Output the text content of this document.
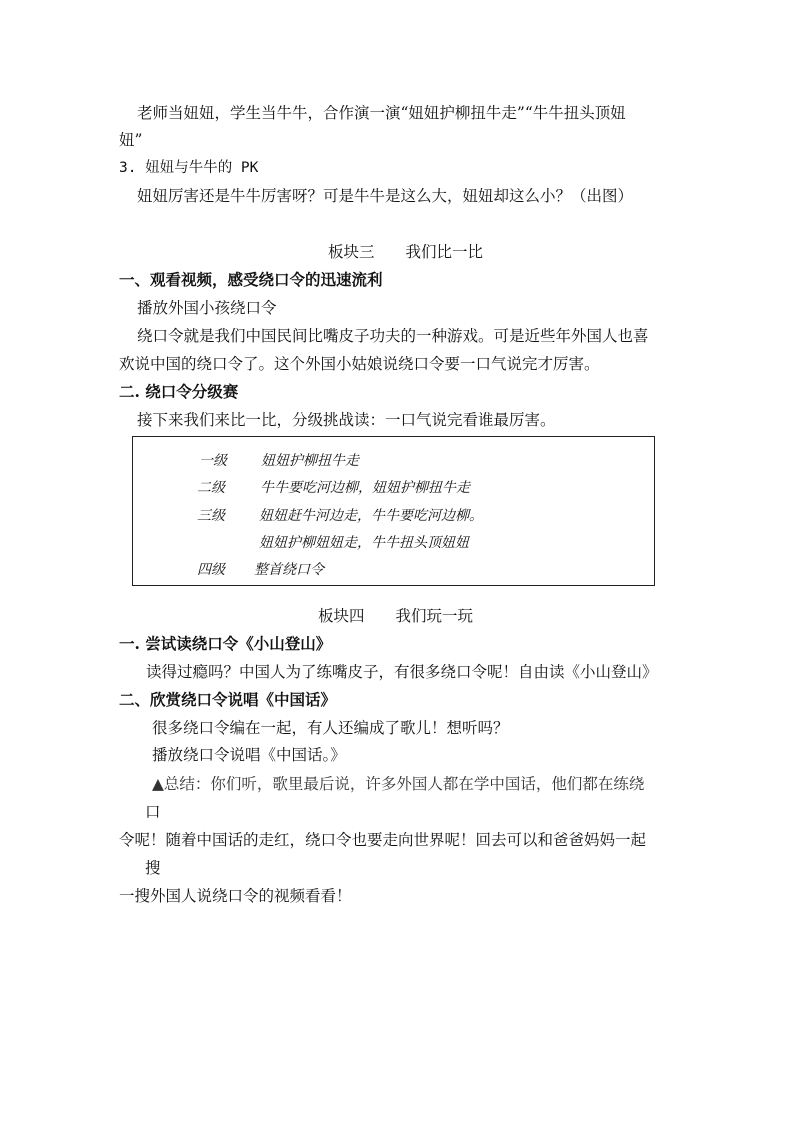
老师当妞妞，学生当牛牛，合作演一演“妞妞护柳扭牛走”“牛牛扭头顶妞
妞”
3. 妞妞与牛牛的 PK
妞妞厉害还是牛牛厉害呀？可是牛牛是这么大，妞妞却这么小？（出图）
板块三　　我们比一比
一、观看视频，感受绕口令的迅速流利
播放外国小孩绕口令
绕口令就是我们中国民间比嘴皮子功夫的一种游戏。可是近些年外国人也喜
欢说中国的绕口令了。这个外国小姑娘说绕口令要一口气说完才厉害。
二. 绕口令分级赛
接下来我们来比一比，分级挑战读：一口气说完看谁最厉害。
一级 妞妞护柳扭牛走
二级	牛牛要吃河边柳，妞妞护柳扭牛走
三级 妞妞赶牛河边走，牛牛要吃河边柳。
妞妞护柳妞妞走，牛牛扭头顶妞妞
四级 整首绕口令
板块四　　我们玩一玩
一. 尝试读绕口令《小山登山》
读得过瘾吗？中国人为了练嘴皮子，有很多绕口令呢！自由读《小山登山》
二、欣赏绕口令说唱《中国话》
很多绕口令编在一起，有人还编成了歌儿！想听吗？
播放绕口令说唱《中国话。》
▲总结：你们听，歌里最后说，许多外国人都在学中国话，他们都在练绕
口
令呢！随着中国话的走红，绕口令也要走向世界呢！回去可以和爸爸妈妈一起
搜
一搜外国人说绕口令的视频看看！
